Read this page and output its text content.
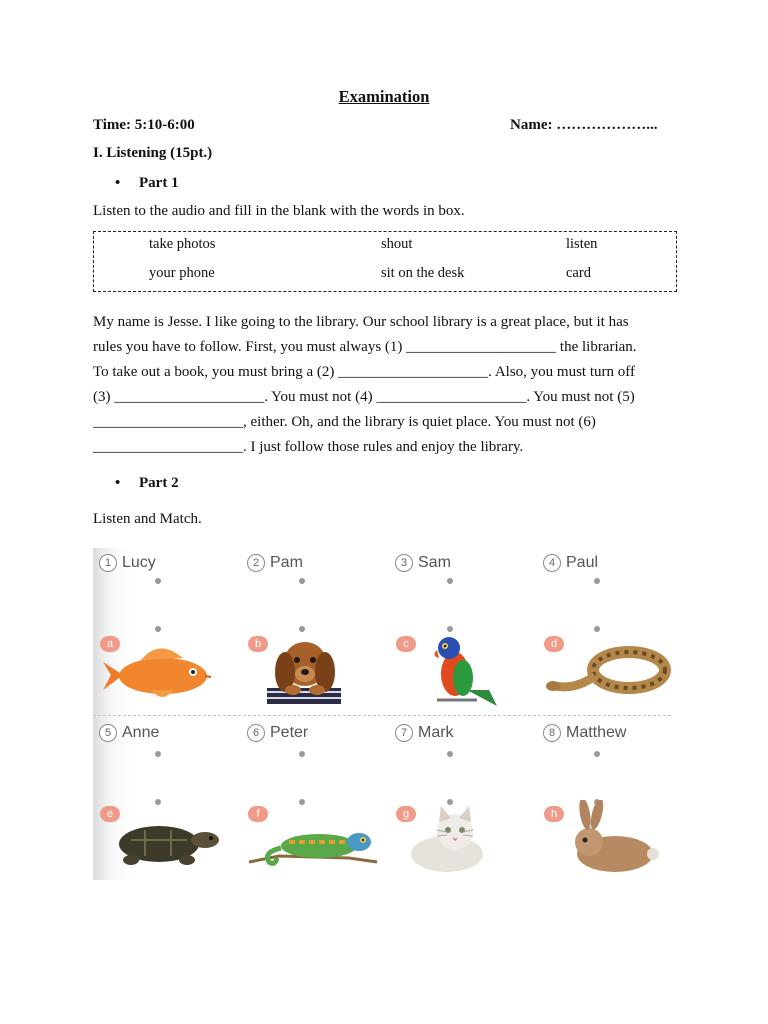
Examination
Time: 5:10-6:00	Name: ………………...
I. Listening (15pt.)
• Part 1
Listen to the audio and fill in the blank with the words in box.
take photos	shout	listen
your phone	sit on the desk	card
My name is Jesse. I like going to the library. Our school library is a great place, but it has
rules you have to follow. First, you must always (1) ____________________ the librarian.
To take out a book, you must bring a (2) ____________________. Also, you must turn off
(3) ____________________. You must not (4) ____________________. You must not (5)
____________________, either. Oh, and the library is quiet place. You must not (6)
____________________. I just follow those rules and enjoy the library.
• Part 2
Listen and Match.
1 Lucy
a
2 Pam
b
3 Sam
c
4 Paul
d
5 Anne
e
6 Peter
f
7 Mark
g
8 Matthew
h
